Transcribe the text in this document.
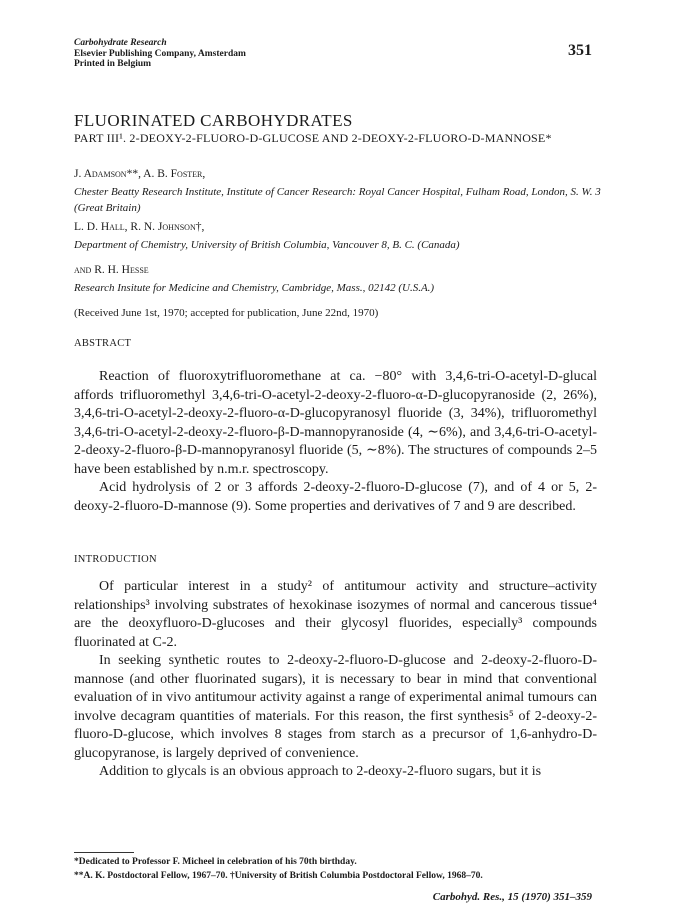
Carbohydrate Research
Elsevier Publishing Company, Amsterdam
Printed in Belgium
351
FLUORINATED CARBOHYDRATES
PART III¹. 2-DEOXY-2-FLUORO-D-GLUCOSE AND 2-DEOXY-2-FLUORO-D-MANNOSE*
J. Adamson**, A. B. Foster,
Chester Beatty Research Institute, Institute of Cancer Research: Royal Cancer Hospital, Fulham Road, London, S. W. 3 (Great Britain)
L. D. Hall, R. N. Johnson†,
Department of Chemistry, University of British Columbia, Vancouver 8, B. C. (Canada)
and R. H. Hesse
Research Insitute for Medicine and Chemistry, Cambridge, Mass., 02142 (U.S.A.)
(Received June 1st, 1970; accepted for publication, June 22nd, 1970)
ABSTRACT

Reaction of fluoroxytrifluoromethane at ca. −80° with 3,4,6-tri-O-acetyl-D-glucal affords trifluoromethyl 3,4,6-tri-O-acetyl-2-deoxy-2-fluoro-α-D-glucopyranoside (2, 26%), 3,4,6-tri-O-acetyl-2-deoxy-2-fluoro-α-D-glucopyranosyl fluoride (3, 34%), trifluoromethyl 3,4,6-tri-O-acetyl-2-deoxy-2-fluoro-β-D-mannopyranoside (4, ∼6%), and 3,4,6-tri-O-acetyl-2-deoxy-2-fluoro-β-D-mannopyranosyl fluoride (5, ∼8%). The structures of compounds 2–5 have been established by n.m.r. spectroscopy.

Acid hydrolysis of 2 or 3 affords 2-deoxy-2-fluoro-D-glucose (7), and of 4 or 5, 2-deoxy-2-fluoro-D-mannose (9). Some properties and derivatives of 7 and 9 are described.

INTRODUCTION

Of particular interest in a study² of antitumour activity and structure–activity relationships³ involving substrates of hexokinase isozymes of normal and cancerous tissue⁴ are the deoxyfluoro-D-glucoses and their glycosyl fluorides, especially³ compounds fluorinated at C-2.

In seeking synthetic routes to 2-deoxy-2-fluoro-D-glucose and 2-deoxy-2-fluoro-D-mannose (and other fluorinated sugars), it is necessary to bear in mind that conventional evaluation of in vivo antitumour activity against a range of experimental animal tumours can involve decagram quantities of materials. For this reason, the first synthesis⁵ of 2-deoxy-2-fluoro-D-glucose, which involves 8 stages from starch as a precursor of 1,6-anhydro-D-glucopyranose, is largely deprived of convenience.

Addition to glycals is an obvious approach to 2-deoxy-2-fluoro sugars, but it is

*Dedicated to Professor F. Micheel in celebration of his 70th birthday.
**A. K. Postdoctoral Fellow, 1967–70. †University of British Columbia Postdoctoral Fellow, 1968–70.
Carbohyd. Res., 15 (1970) 351–359
